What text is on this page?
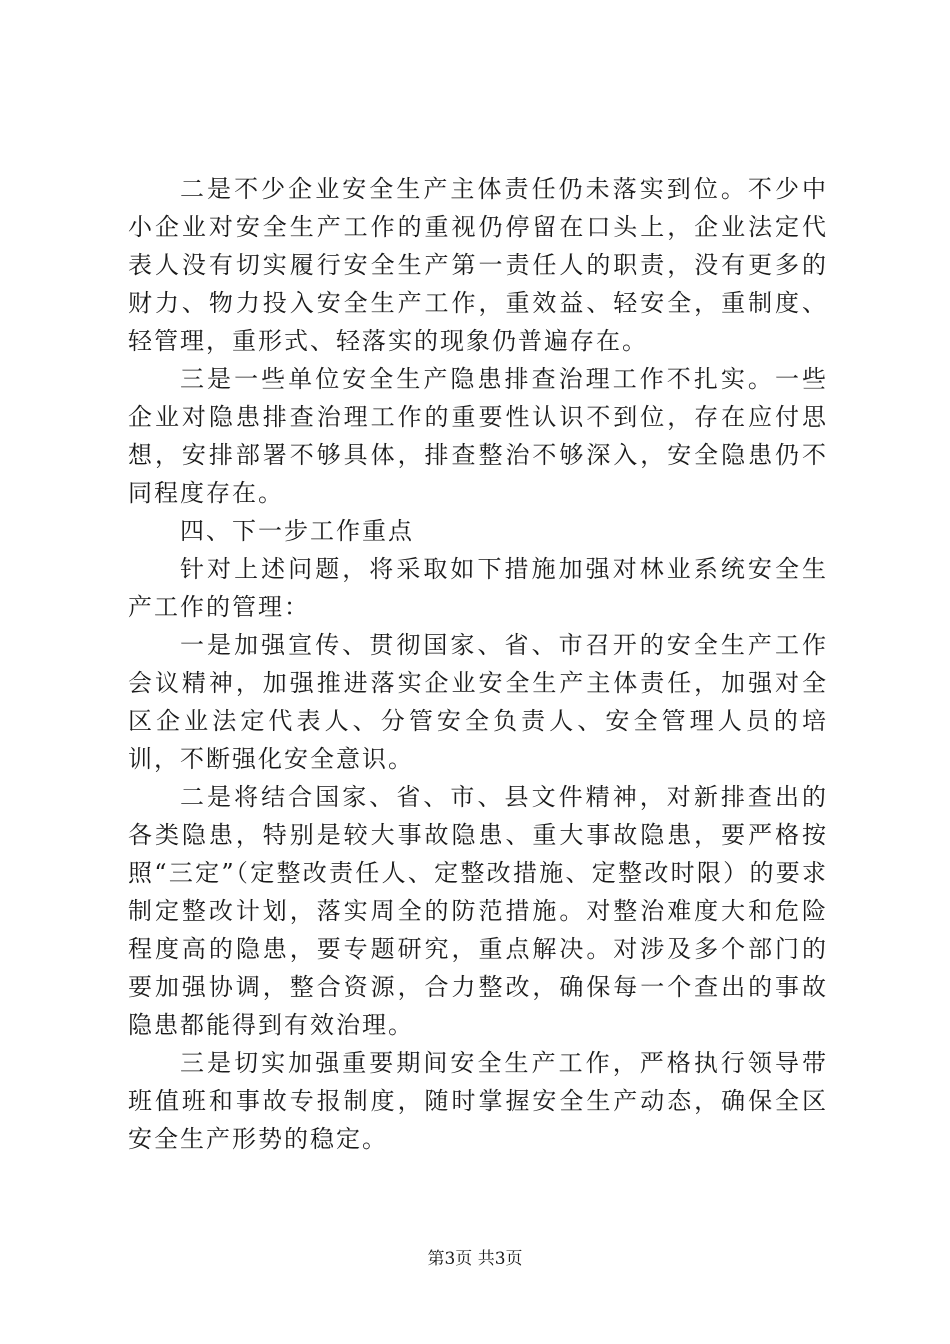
二是不少企业安全生产主体责任仍未落实到位。不少中小企业对安全生产工作的重视仍停留在口头上，企业法定代表人没有切实履行安全生产第一责任人的职责，没有更多的财力、物力投入安全生产工作，重效益、轻安全，重制度、轻管理，重形式、轻落实的现象仍普遍存在。

三是一些单位安全生产隐患排查治理工作不扎实。一些企业对隐患排查治理工作的重要性认识不到位，存在应付思想，安排部署不够具体，排查整治不够深入，安全隐患仍不同程度存在。

四、下一步工作重点

针对上述问题，将采取如下措施加强对林业系统安全生产工作的管理：

一是加强宣传、贯彻国家、省、市召开的安全生产工作会议精神，加强推进落实企业安全生产主体责任，加强对全区企业法定代表人、分管安全负责人、安全管理人员的培训，不断强化安全意识。

二是将结合国家、省、市、县文件精神，对新排查出的各类隐患，特别是较大事故隐患、重大事故隐患，要严格按照“三定”（定整改责任人、定整改措施、定整改时限）的要求制定整改计划，落实周全的防范措施。对整治难度大和危险程度高的隐患，要专题研究，重点解决。对涉及多个部门的要加强协调，整合资源，合力整改，确保每一个查出的事故隐患都能得到有效治理。

三是切实加强重要期间安全生产工作，严格执行领导带班值班和事故专报制度，随时掌握安全生产动态，确保全区安全生产形势的稳定。

第3页 共3页
